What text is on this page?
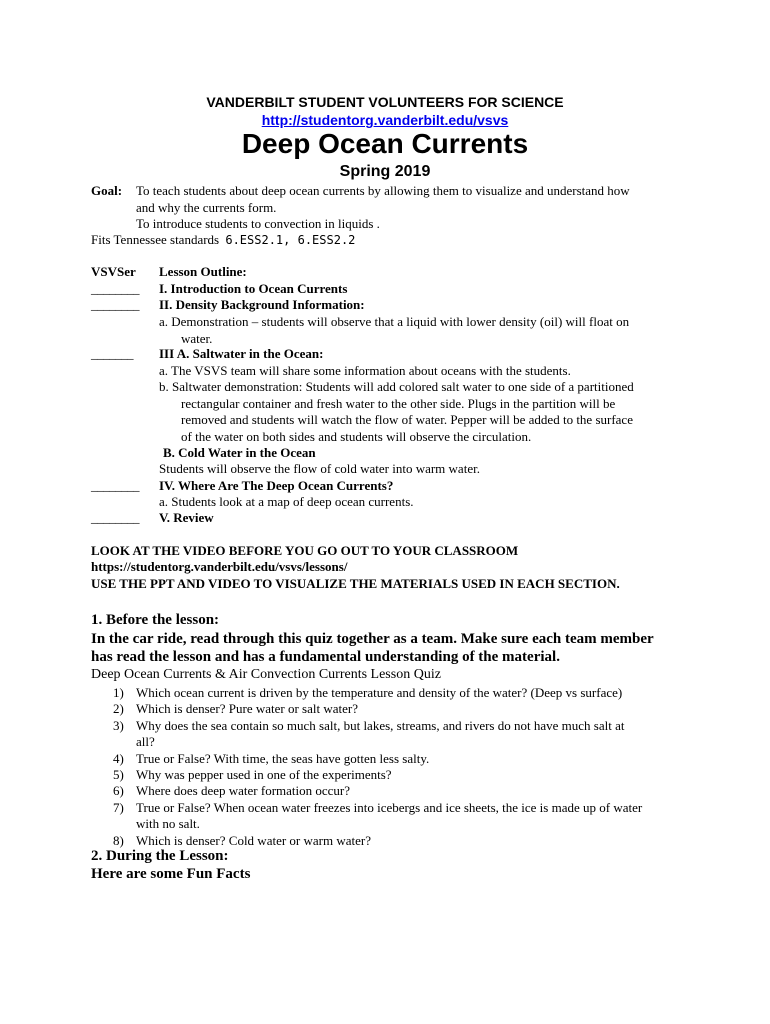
VANDERBILT STUDENT VOLUNTEERS FOR SCIENCE
http://studentorg.vanderbilt.edu/vsvs
Deep Ocean Currents
Spring 2019
Goal: To teach students about deep ocean currents by allowing them to visualize and understand how
and why the currents form.
To introduce students to convection in liquids .
Fits Tennessee standards 6.ESS2.1, 6.ESS2.2
VSVSer Lesson Outline:
________ I. Introduction to Ocean Currents
________ II. Density Background Information:
a. Demonstration – students will observe that a liquid with lower density (oil) will float on
water.
_______ III A. Saltwater in the Ocean:
a. The VSVS team will share some information about oceans with the students.
b. Saltwater demonstration: Students will add colored salt water to one side of a partitioned
rectangular container and fresh water to the other side. Plugs in the partition will be
removed and students will watch the flow of water. Pepper will be added to the surface
of the water on both sides and students will observe the circulation.
B. Cold Water in the Ocean
Students will observe the flow of cold water into warm water.
________ IV. Where Are The Deep Ocean Currents?
a. Students look at a map of deep ocean currents.
________ V. Review
LOOK AT THE VIDEO BEFORE YOU GO OUT TO YOUR CLASSROOM
https://studentorg.vanderbilt.edu/vsvs/lessons/
USE THE PPT AND VIDEO TO VISUALIZE THE MATERIALS USED IN EACH SECTION.
1. Before the lesson:
In the car ride, read through this quiz together as a team. Make sure each team member
has read the lesson and has a fundamental understanding of the material.
Deep Ocean Currents & Air Convection Currents Lesson Quiz
1) Which ocean current is driven by the temperature and density of the water? (Deep vs surface)
2) Which is denser? Pure water or salt water?
3) Why does the sea contain so much salt, but lakes, streams, and rivers do not have much salt at
all?
4) True or False? With time, the seas have gotten less salty.
5) Why was pepper used in one of the experiments?
6) Where does deep water formation occur?
7) True or False? When ocean water freezes into icebergs and ice sheets, the ice is made up of water
with no salt.
8) Which is denser? Cold water or warm water?
2. During the Lesson:
Here are some Fun Facts
